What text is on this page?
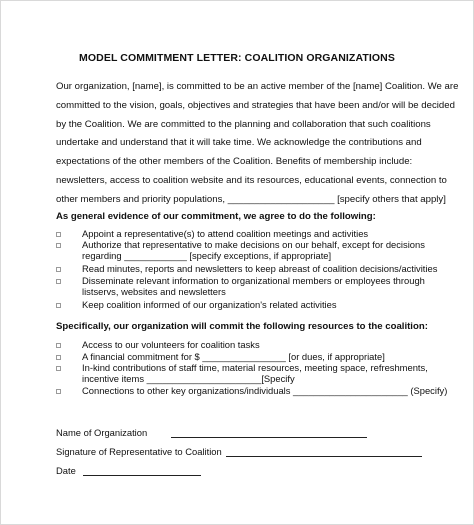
MODEL COMMITMENT LETTER: COALITION ORGANIZATIONS
Our organization, [name], is committed to be an active member of the [name] Coalition. We are
committed to the vision, goals, objectives and strategies that have been and/or will be decided
by the Coalition. We are committed to the planning and collaboration that such coalitions
undertake and understand that it will take time. We acknowledge the contributions and
expectations of the other members of the Coalition. Benefits of membership include:
newsletters, access to coalition website and its resources, educational events, connection to
other members and priority populations, ____________________ [specify others that apply]
As general evidence of our commitment, we agree to do the following:
Appoint a representative(s) to attend coalition meetings and activities
Authorize that representative to make decisions on our behalf, except for decisions
regarding ____________ [specify exceptions, if appropriate]
Read minutes, reports and newsletters to keep abreast of coalition decisions/activities
Disseminate relevant information to organizational members or employees through
listservs, websites and newsletters
Keep coalition informed of our organization's related activities
Specifically, our organization will commit the following resources to the coalition:
Access to our volunteers for coalition tasks
A financial commitment for $ ________________ [or dues, if appropriate]
In-kind contributions of staff time, material resources, meeting space, refreshments,
incentive items ______________________[Specify
Connections to other key organizations/individuals ______________________ (Specify)
Name of Organization
Signature of Representative to Coalition
Date
